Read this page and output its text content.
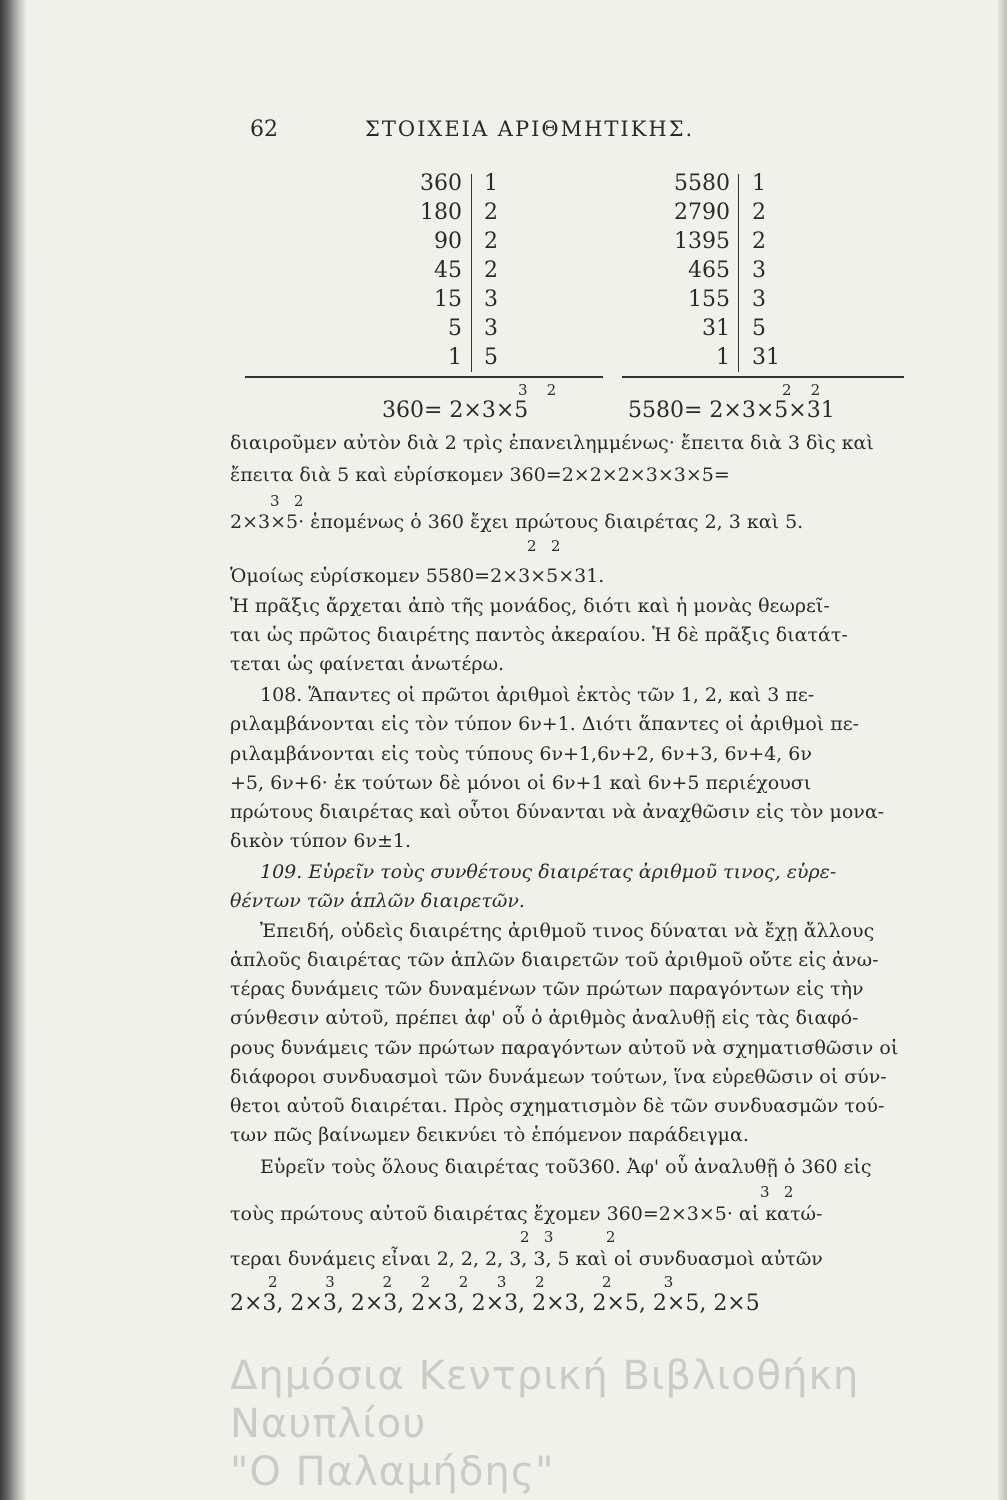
62	ΣΤΟΙΧΕΙΑ ΑΡΙΘΜΗΤΙΚΗΣ.
360 1
180 2
90 2
45 2
15 3
5 3
1 5
5580 1
2790 2
1395 2
465 3
155 3
31 5
1 31
3    2
360= 2×3×5
2    2
5580= 2×3×5×31
διαιροῦμεν αὐτὸν διὰ 2 τρὶς ἐπανειλημμένως· ἔπειτα διὰ 3 δὶς καὶ
ἔπειτα διὰ 5 καὶ εὑρίσκομεν 360=2×2×2×3×3×5=
3   2
2×3×5· ἑπομένως ὁ 360 ἔχει πρώτους διαιρέτας 2, 3 καὶ 5.
2   2
Ὁμοίως εὑρίσκομεν 5580=2×3×5×31.
Ἡ πρᾶξις ἄρχεται ἀπὸ τῆς μονάδος, διότι καὶ ἡ μονὰς θεωρεῖ-
ται ὡς πρῶτος διαιρέτης παντὸς ἀκεραίου. Ἡ δὲ πρᾶξις διατάτ-
τεται ὡς φαίνεται ἀνωτέρω.
108. Ἅπαντες οἱ πρῶτοι ἀριθμοὶ ἐκτὸς τῶν 1, 2, καὶ 3 πε-
ριλαμβάνονται εἰς τὸν τύπον 6ν+1. Διότι ἅπαντες οἱ ἀριθμοὶ πε-
ριλαμβάνονται εἰς τοὺς τύπους 6ν+1,6ν+2, 6ν+3, 6ν+4, 6ν
+5, 6ν+6· ἐκ τούτων δὲ μόνοι οἱ 6ν+1 καὶ 6ν+5 περιέχουσι
πρώτους διαιρέτας καὶ οὗτοι δύνανται νὰ ἀναχθῶσιν εἰς τὸν μονα-
δικὸν τύπον 6ν±1.
109. Εὑρεῖν τοὺς συνθέτους διαιρέτας ἀριθμοῦ τινος, εὑρε-
θέντων τῶν ἁπλῶν διαιρετῶν.
Ἐπειδή, οὐδεὶς διαιρέτης ἀριθμοῦ τινος δύναται νὰ ἔχῃ ἄλλους
ἁπλοῦς διαιρέτας τῶν ἁπλῶν διαιρετῶν τοῦ ἀριθμοῦ οὔτε εἰς ἀνω-
τέρας δυνάμεις τῶν δυναμένων τῶν πρώτων παραγόντων εἰς τὴν
σύνθεσιν αὐτοῦ, πρέπει ἀφ' οὗ ὁ ἀριθμὸς ἀναλυθῇ εἰς τὰς διαφό-
ρους δυνάμεις τῶν πρώτων παραγόντων αὐτοῦ νὰ σχηματισθῶσιν οἱ
διάφοροι συνδυασμοὶ τῶν δυνάμεων τούτων, ἵνα εὑρεθῶσιν οἱ σύν-
θετοι αὐτοῦ διαιρέται. Πρὸς σχηματισμὸν δὲ τῶν συνδυασμῶν τού-
των πῶς βαίνωμεν δεικνύει τὸ ἑπόμενον παράδειγμα.
Εὑρεῖν τοὺς ὅλους διαιρέτας τοῦ360. Ἀφ' οὗ ἀναλυθῇ ὁ 360 εἰς
3   2
τοὺς πρώτους αὐτοῦ διαιρέτας ἔχομεν 360=2×3×5· αἱ κατώ-
2   3           2
τεραι δυνάμεις εἶναι 2, 2, 2, 3, 3, 5 καὶ οἱ συνδυασμοὶ αὐτῶν
2          3          2      2      2      3      2            2           3
2×3, 2×3, 2×3, 2×3, 2×3, 2×3, 2×5, 2×5, 2×5
Δημόσια Κεντρική Βιβλιοθήκη Ναυπλίου
"Ο Παλαμήδης"
